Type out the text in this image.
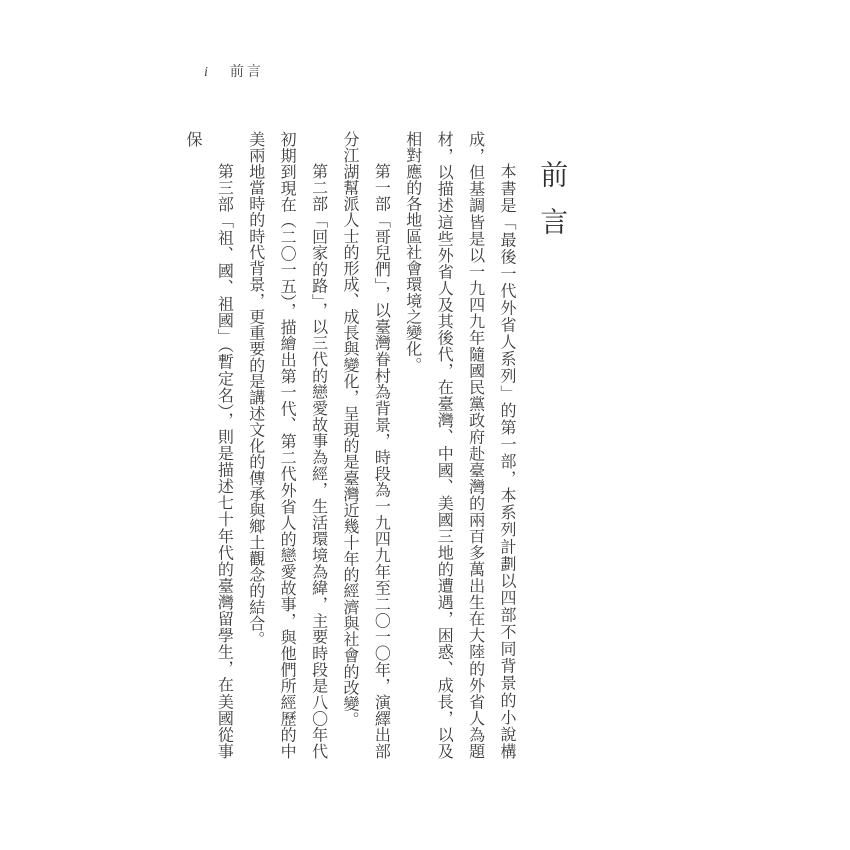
i 前言
前言

本書是「最後一代外省人系列」的第一部，本系列計劃以四部不同背景的小說構成，但基調皆是以一九四九年隨國民黨政府赴臺灣的兩百多萬出生在大陸的外省人為題材，以描述這些外省人及其後代，在臺灣、中國、美國三地的遭遇，困惑、成長，以及相對應的各地區社會環境之變化。

第一部「哥兒們」，以臺灣眷村為背景，時段為一九四九年至二〇一〇年，演繹出部分江湖幫派人士的形成、成長與變化，呈現的是臺灣近幾十年的經濟與社會的改變。

第二部「回家的路」，以三代的戀愛故事為經，生活環境為緯，主要時段是八〇年代初期到現在（二〇一五），描繪出第一代、第二代外省人的戀愛故事，與他們所經歷的中美兩地當時的時代背景，更重要的是講述文化的傳承與鄉土觀念的結合。

第三部「祖、國、祖國」（暫定名），則是描述七十年代的臺灣留學生，在美國從事保
